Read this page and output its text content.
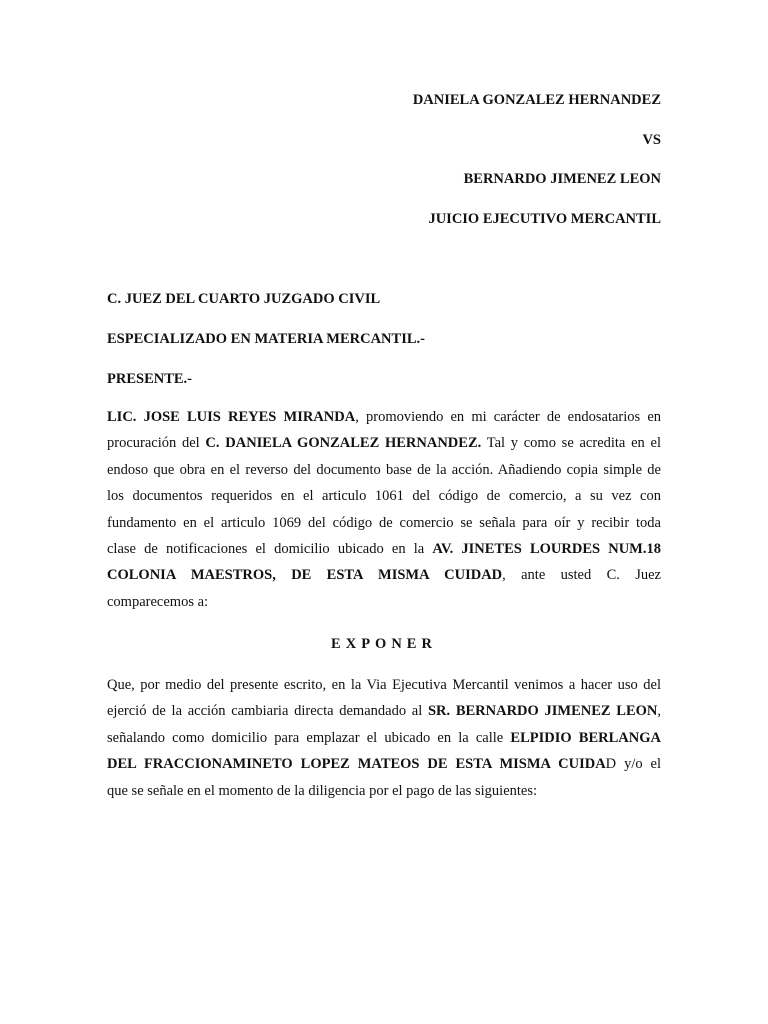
DANIELA GONZALEZ HERNANDEZ
VS
BERNARDO JIMENEZ LEON
JUICIO EJECUTIVO MERCANTIL
C. JUEZ DEL CUARTO JUZGADO CIVIL
ESPECIALIZADO EN MATERIA MERCANTIL.-
PRESENTE.-
LIC. JOSE LUIS REYES MIRANDA, promoviendo en mi carácter de endosatarios en
procuración del C. DANIELA GONZALEZ HERNANDEZ. Tal y como se acredita en el
endoso que obra en el reverso del documento base de la acción. Añadiendo copia simple de
los documentos requeridos en el articulo 1061 del código de comercio, a su vez con
fundamento en el articulo 1069 del código de comercio se señala para oír y recibir toda
clase de notificaciones el domicilio ubicado en la AV. JINETES LOURDES NUM.18
COLONIA MAESTROS, DE ESTA MISMA CUIDAD, ante usted C. Juez
comparecemos a:
EXPONER
Que, por medio del presente escrito, en la Via Ejecutiva Mercantil venimos a hacer uso del
ejerció de la acción cambiaria directa demandado al SR. BERNARDO JIMENEZ LEON,
señalando como domicilio para emplazar el ubicado en la calle ELPIDIO BERLANGA
DEL FRACCIONAMINETO LOPEZ MATEOS DE ESTA MISMA CUIDAD y/o el
que se señale en el momento de la diligencia por el pago de las siguientes:
